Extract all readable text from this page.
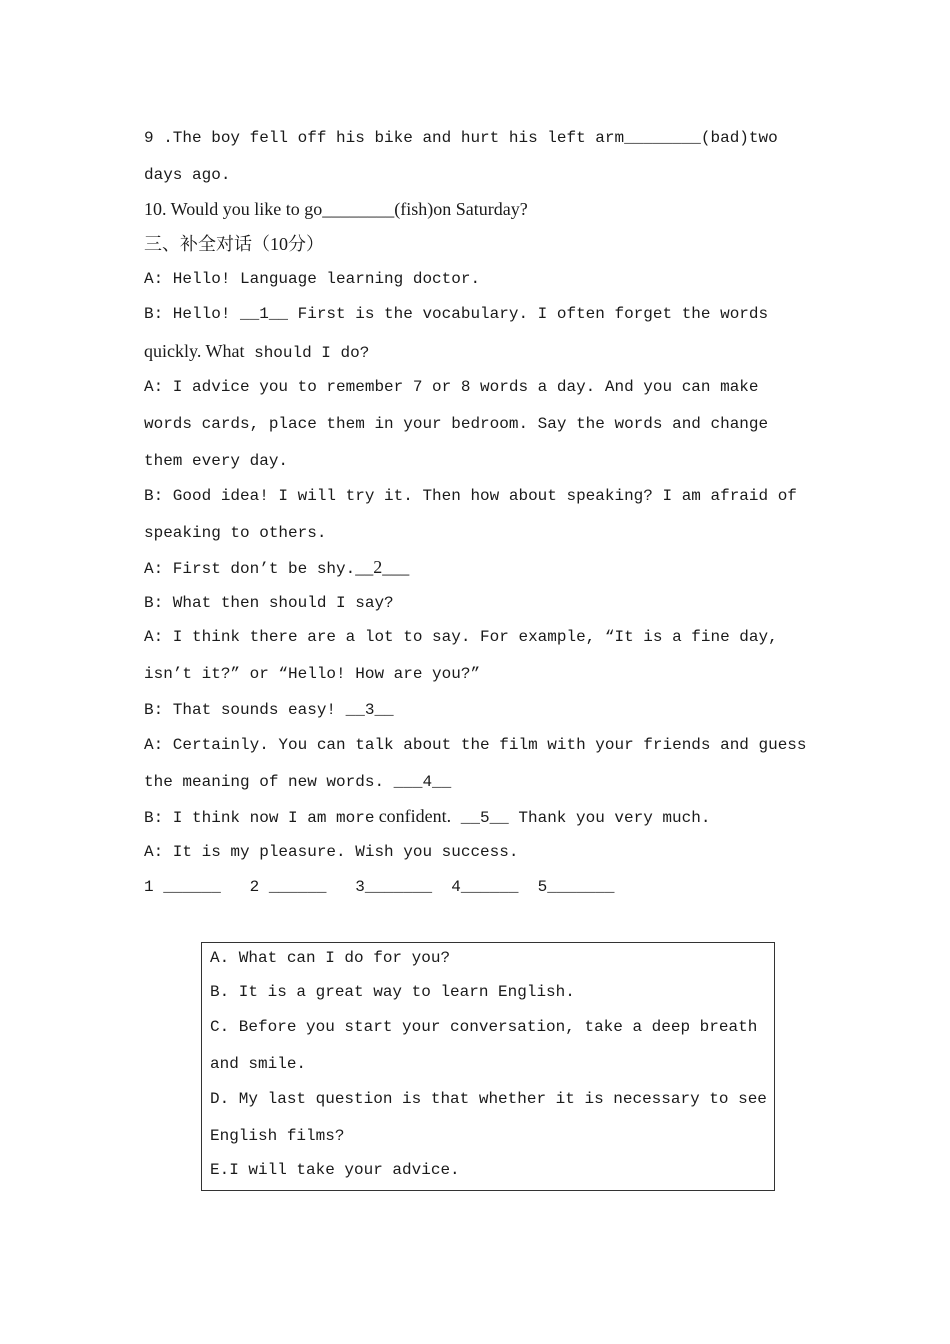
9 .The boy fell off his bike and hurt his left arm________(bad)two
days ago.
10. Would you like to go________(fish)on Saturday?
三、补全对话（10分）
A: Hello! Language learning doctor.
B: Hello! __1__ First is the vocabulary. I often forget the words
quickly. What should I do?
A: I advice you to remember 7 or 8 words a day. And you can make
words cards, place them in your bedroom. Say the words and change
them every day.
B: Good idea! I will try it. Then how about speaking? I am afraid of
speaking to others.
A: First don’t be shy.__2___
B: What then should I say?
A: I think there are a lot to say. For example, “It is a fine day,
isn’t it?” or “Hello! How are you?”
B: That sounds easy! __3__
A: Certainly. You can talk about the film with your friends and guess
the meaning of new words. ___4__
B: I think now I am more confident. __5__ Thank you very much.
A: It is my pleasure. Wish you success.
1 ______   2 ______   3_______  4______  5_______
A. What can I do for you?
B. It is a great way to learn English.
C. Before you start your conversation, take a deep breath
and smile.
D. My last question is that whether it is necessary to see
English films?
E.I will take your advice.
